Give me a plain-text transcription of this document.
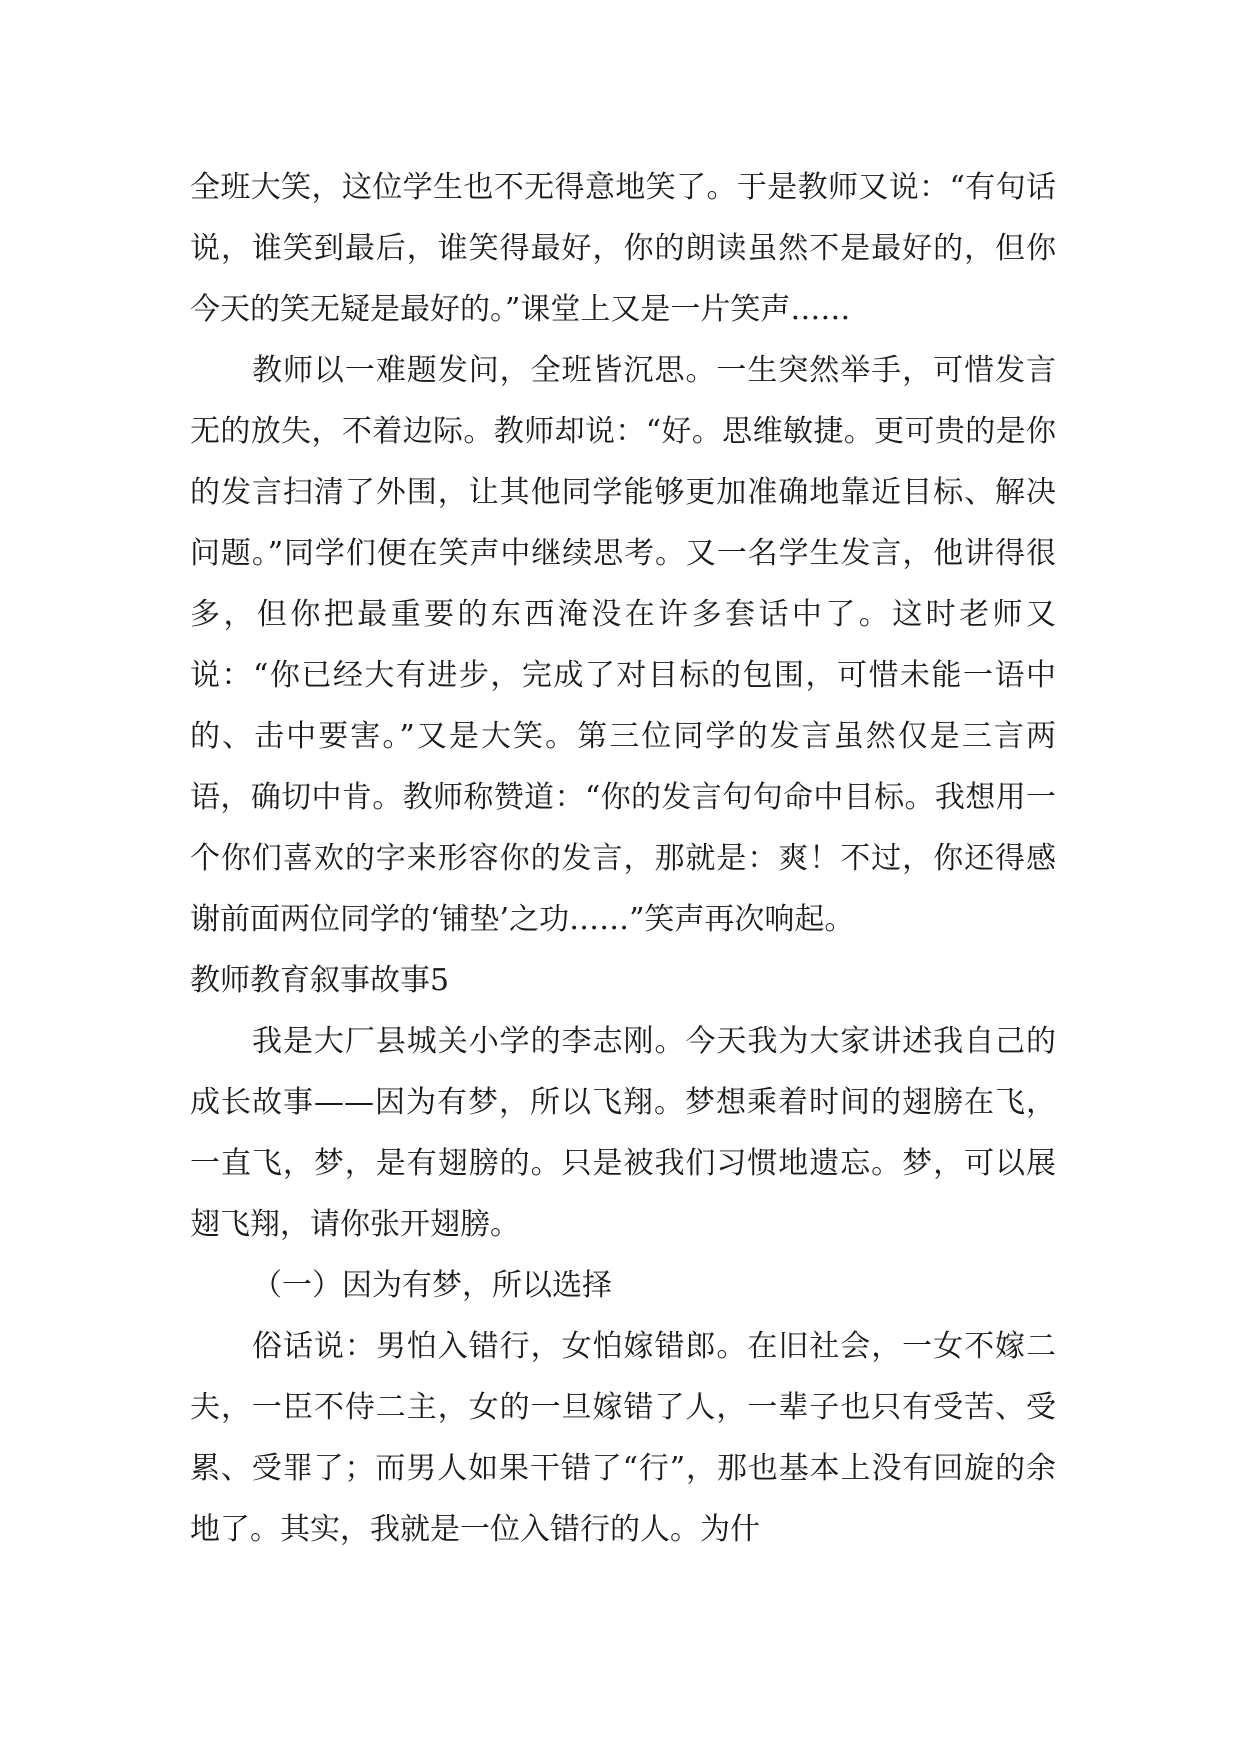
全班大笑，这位学生也不无得意地笑了。于是教师又说：“有句话说，谁笑到最后，谁笑得最好，你的朗读虽然不是最好的，但你今天的笑无疑是最好的。”课堂上又是一片笑声……

教师以一难题发问，全班皆沉思。一生突然举手，可惜发言无的放失，不着边际。教师却说：“好。思维敏捷。更可贵的是你的发言扫清了外围，让其他同学能够更加准确地靠近目标、解决问题。”同学们便在笑声中继续思考。又一名学生发言，他讲得很多，但你把最重要的东西淹没在许多套话中了。这时老师又说：“你已经大有进步，完成了对目标的包围，可惜未能一语中的、击中要害。”又是大笑。第三位同学的发言虽然仅是三言两语，确切中肯。教师称赞道：“你的发言句句命中目标。我想用一个你们喜欢的字来形容你的发言，那就是：爽！不过，你还得感谢前面两位同学的‘铺垫’之功……”笑声再次响起。

教师教育叙事故事5

我是大厂县城关小学的李志刚。今天我为大家讲述我自己的成长故事——因为有梦，所以飞翔。梦想乘着时间的翅膀在飞，一直飞，梦，是有翅膀的。只是被我们习惯地遗忘。梦，可以展翅飞翔，请你张开翅膀。

（一）因为有梦，所以选择

俗话说：男怕入错行，女怕嫁错郎。在旧社会，一女不嫁二夫，一臣不侍二主，女的一旦嫁错了人，一辈子也只有受苦、受累、受罪了；而男人如果干错了“行”，那也基本上没有回旋的余地了。其实，我就是一位入错行的人。为什
